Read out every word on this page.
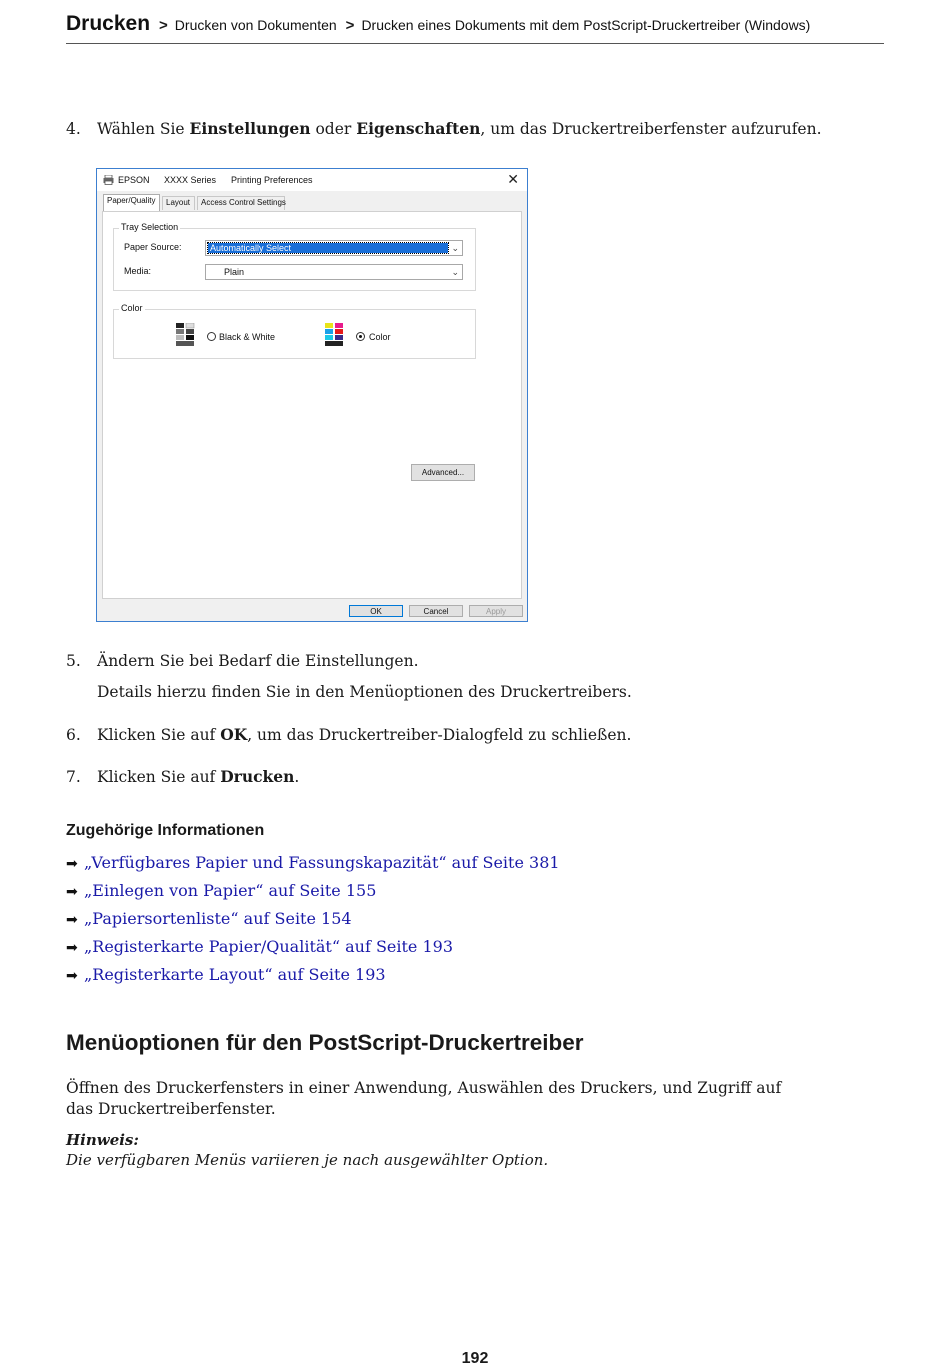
Drucken > Drucken von Dokumenten > Drucken eines Dokuments mit dem PostScript-Druckertreiber (Windows)
4. Wählen Sie Einstellungen oder Eigenschaften, um das Druckertreiberfenster aufzurufen.
EPSON XXXX Series Printing Preferences	✕
Paper/Quality	Layout	Access Control Settings
Tray Selection
Paper Source:	Automatically Select	⌄
Media:	Plain	⌄
Color
Black & White	Color
Advanced...
OK	Cancel	Apply
5. Ändern Sie bei Bedarf die Einstellungen.
Details hierzu finden Sie in den Menüoptionen des Druckertreibers.
6. Klicken Sie auf OK, um das Druckertreiber-Dialogfeld zu schließen.
7. Klicken Sie auf Drucken.
Zugehörige Informationen
➡ „Verfügbares Papier und Fassungskapazität“ auf Seite 381
➡ „Einlegen von Papier“ auf Seite 155
➡ „Papiersortenliste“ auf Seite 154
➡ „Registerkarte Papier/Qualität“ auf Seite 193
➡ „Registerkarte Layout“ auf Seite 193
Menüoptionen für den PostScript-Druckertreiber
Öffnen des Druckerfensters in einer Anwendung, Auswählen des Druckers, und Zugriff auf das Druckertreiberfenster.
Hinweis:
Die verfügbaren Menüs variieren je nach ausgewählter Option.
192
